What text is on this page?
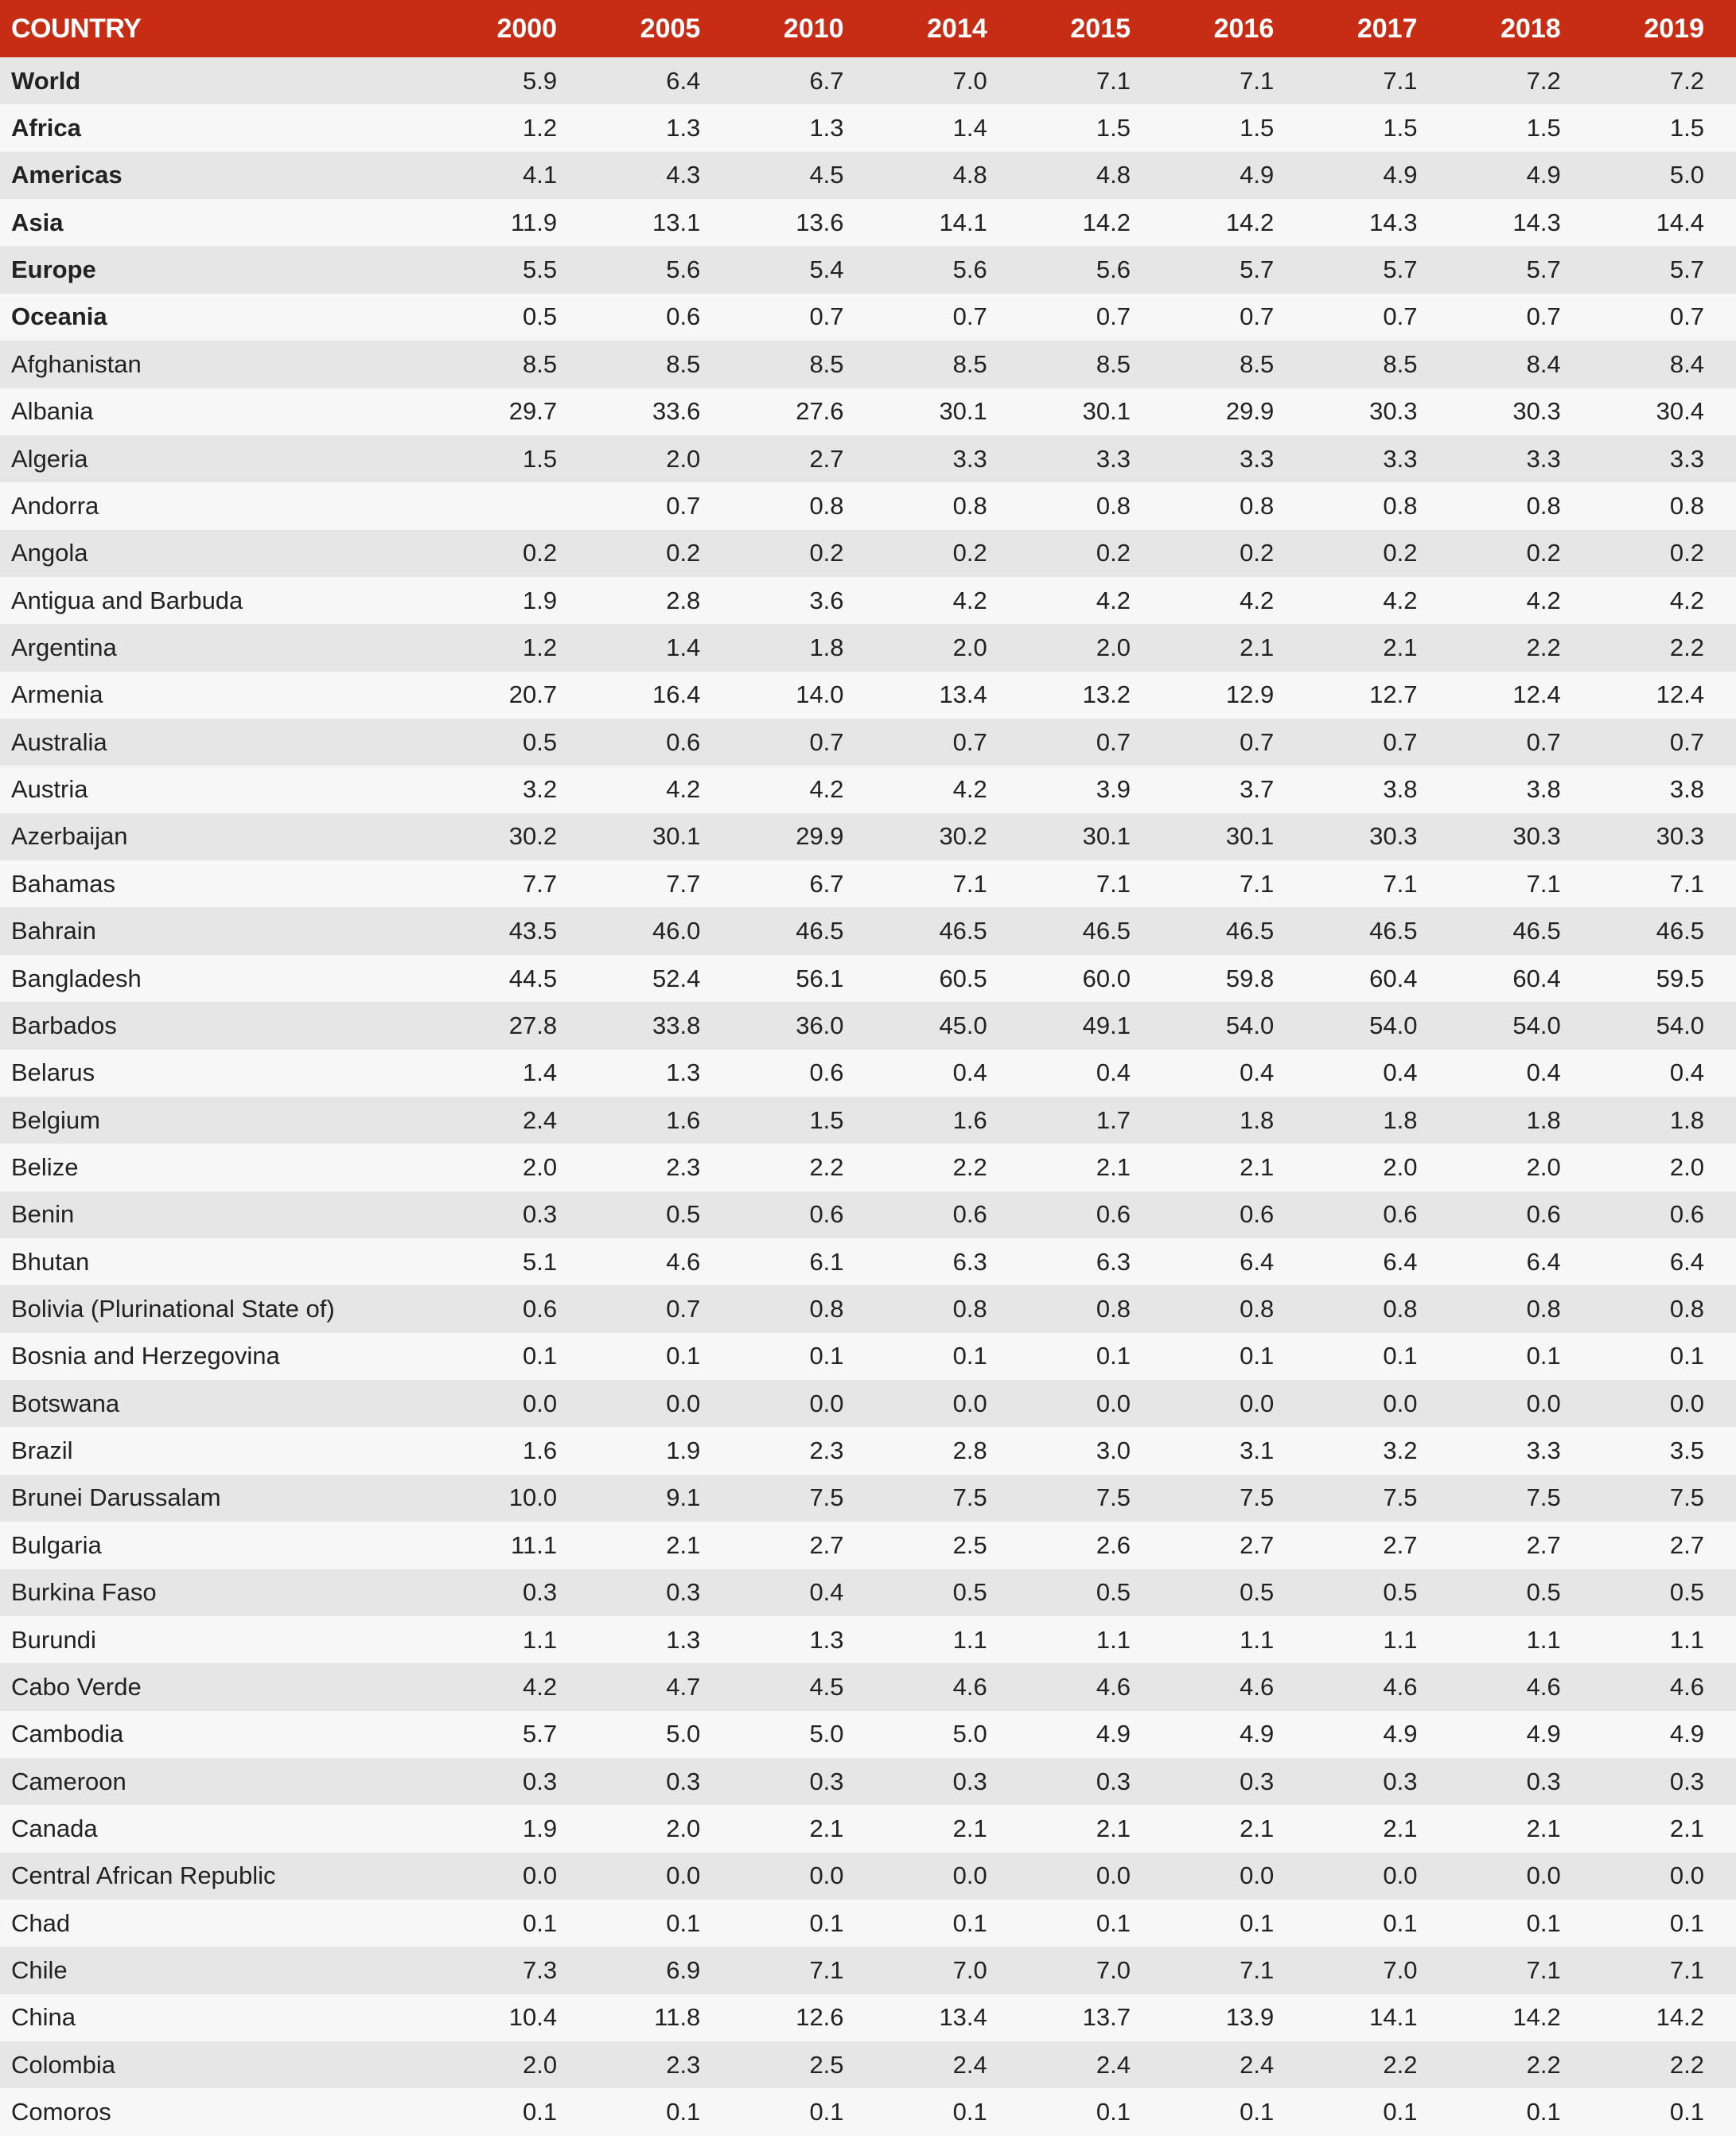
COUNTRY	2000	2005	2010	2014	2015	2016	2017	2018	2019
World	5.9	6.4	6.7	7.0	7.1	7.1	7.1	7.2	7.2
Africa	1.2	1.3	1.3	1.4	1.5	1.5	1.5	1.5	1.5
Americas	4.1	4.3	4.5	4.8	4.8	4.9	4.9	4.9	5.0
Asia	11.9	13.1	13.6	14.1	14.2	14.2	14.3	14.3	14.4
Europe	5.5	5.6	5.4	5.6	5.6	5.7	5.7	5.7	5.7
Oceania	0.5	0.6	0.7	0.7	0.7	0.7	0.7	0.7	0.7
Afghanistan	8.5	8.5	8.5	8.5	8.5	8.5	8.5	8.4	8.4
Albania	29.7	33.6	27.6	30.1	30.1	29.9	30.3	30.3	30.4
Algeria	1.5	2.0	2.7	3.3	3.3	3.3	3.3	3.3	3.3
Andorra		0.7	0.8	0.8	0.8	0.8	0.8	0.8	0.8
Angola	0.2	0.2	0.2	0.2	0.2	0.2	0.2	0.2	0.2
Antigua and Barbuda	1.9	2.8	3.6	4.2	4.2	4.2	4.2	4.2	4.2
Argentina	1.2	1.4	1.8	2.0	2.0	2.1	2.1	2.2	2.2
Armenia	20.7	16.4	14.0	13.4	13.2	12.9	12.7	12.4	12.4
Australia	0.5	0.6	0.7	0.7	0.7	0.7	0.7	0.7	0.7
Austria	3.2	4.2	4.2	4.2	3.9	3.7	3.8	3.8	3.8
Azerbaijan	30.2	30.1	29.9	30.2	30.1	30.1	30.3	30.3	30.3
Bahamas	7.7	7.7	6.7	7.1	7.1	7.1	7.1	7.1	7.1
Bahrain	43.5	46.0	46.5	46.5	46.5	46.5	46.5	46.5	46.5
Bangladesh	44.5	52.4	56.1	60.5	60.0	59.8	60.4	60.4	59.5
Barbados	27.8	33.8	36.0	45.0	49.1	54.0	54.0	54.0	54.0
Belarus	1.4	1.3	0.6	0.4	0.4	0.4	0.4	0.4	0.4
Belgium	2.4	1.6	1.5	1.6	1.7	1.8	1.8	1.8	1.8
Belize	2.0	2.3	2.2	2.2	2.1	2.1	2.0	2.0	2.0
Benin	0.3	0.5	0.6	0.6	0.6	0.6	0.6	0.6	0.6
Bhutan	5.1	4.6	6.1	6.3	6.3	6.4	6.4	6.4	6.4
Bolivia (Plurinational State of)	0.6	0.7	0.8	0.8	0.8	0.8	0.8	0.8	0.8
Bosnia and Herzegovina	0.1	0.1	0.1	0.1	0.1	0.1	0.1	0.1	0.1
Botswana	0.0	0.0	0.0	0.0	0.0	0.0	0.0	0.0	0.0
Brazil	1.6	1.9	2.3	2.8	3.0	3.1	3.2	3.3	3.5
Brunei Darussalam	10.0	9.1	7.5	7.5	7.5	7.5	7.5	7.5	7.5
Bulgaria	11.1	2.1	2.7	2.5	2.6	2.7	2.7	2.7	2.7
Burkina Faso	0.3	0.3	0.4	0.5	0.5	0.5	0.5	0.5	0.5
Burundi	1.1	1.3	1.3	1.1	1.1	1.1	1.1	1.1	1.1
Cabo Verde	4.2	4.7	4.5	4.6	4.6	4.6	4.6	4.6	4.6
Cambodia	5.7	5.0	5.0	5.0	4.9	4.9	4.9	4.9	4.9
Cameroon	0.3	0.3	0.3	0.3	0.3	0.3	0.3	0.3	0.3
Canada	1.9	2.0	2.1	2.1	2.1	2.1	2.1	2.1	2.1
Central African Republic	0.0	0.0	0.0	0.0	0.0	0.0	0.0	0.0	0.0
Chad	0.1	0.1	0.1	0.1	0.1	0.1	0.1	0.1	0.1
Chile	7.3	6.9	7.1	7.0	7.0	7.1	7.0	7.1	7.1
China	10.4	11.8	12.6	13.4	13.7	13.9	14.1	14.2	14.2
Colombia	2.0	2.3	2.5	2.4	2.4	2.4	2.2	2.2	2.2
Comoros	0.1	0.1	0.1	0.1	0.1	0.1	0.1	0.1	0.1
